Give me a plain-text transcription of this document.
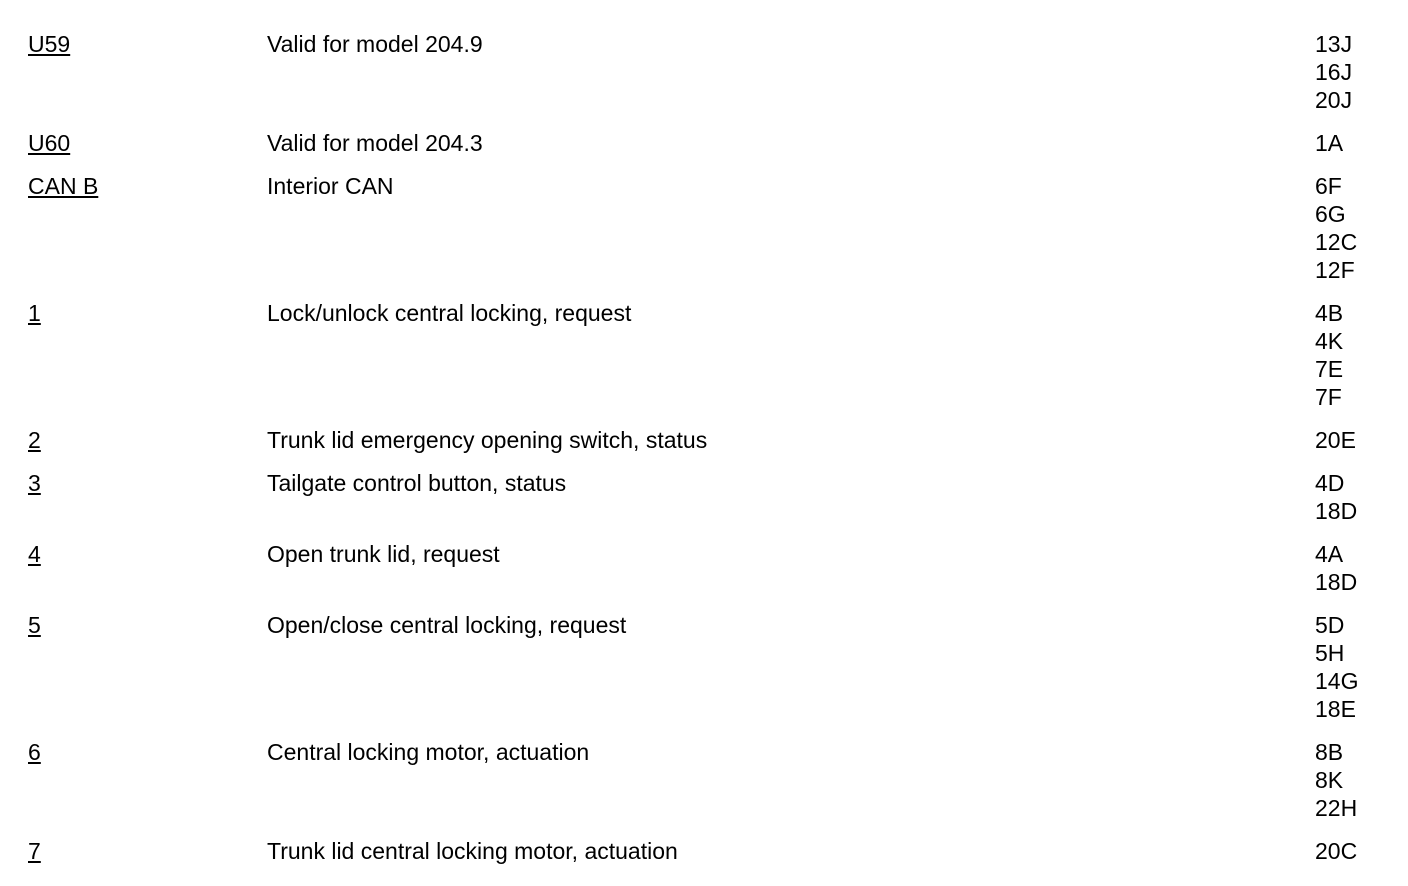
U59	Valid for model 204.9	13J
16J
20J
U60	Valid for model 204.3	1A
CAN B	Interior CAN	6F
6G
12C
12F
1	Lock/unlock central locking, request	4B
4K
7E
7F
2	Trunk lid emergency opening switch, status	20E
3	Tailgate control button, status	4D
18D
4	Open trunk lid, request	4A
18D
5	Open/close central locking, request	5D
5H
14G
18E
6	Central locking motor, actuation	8B
8K
22H
7	Trunk lid central locking motor, actuation	20C
